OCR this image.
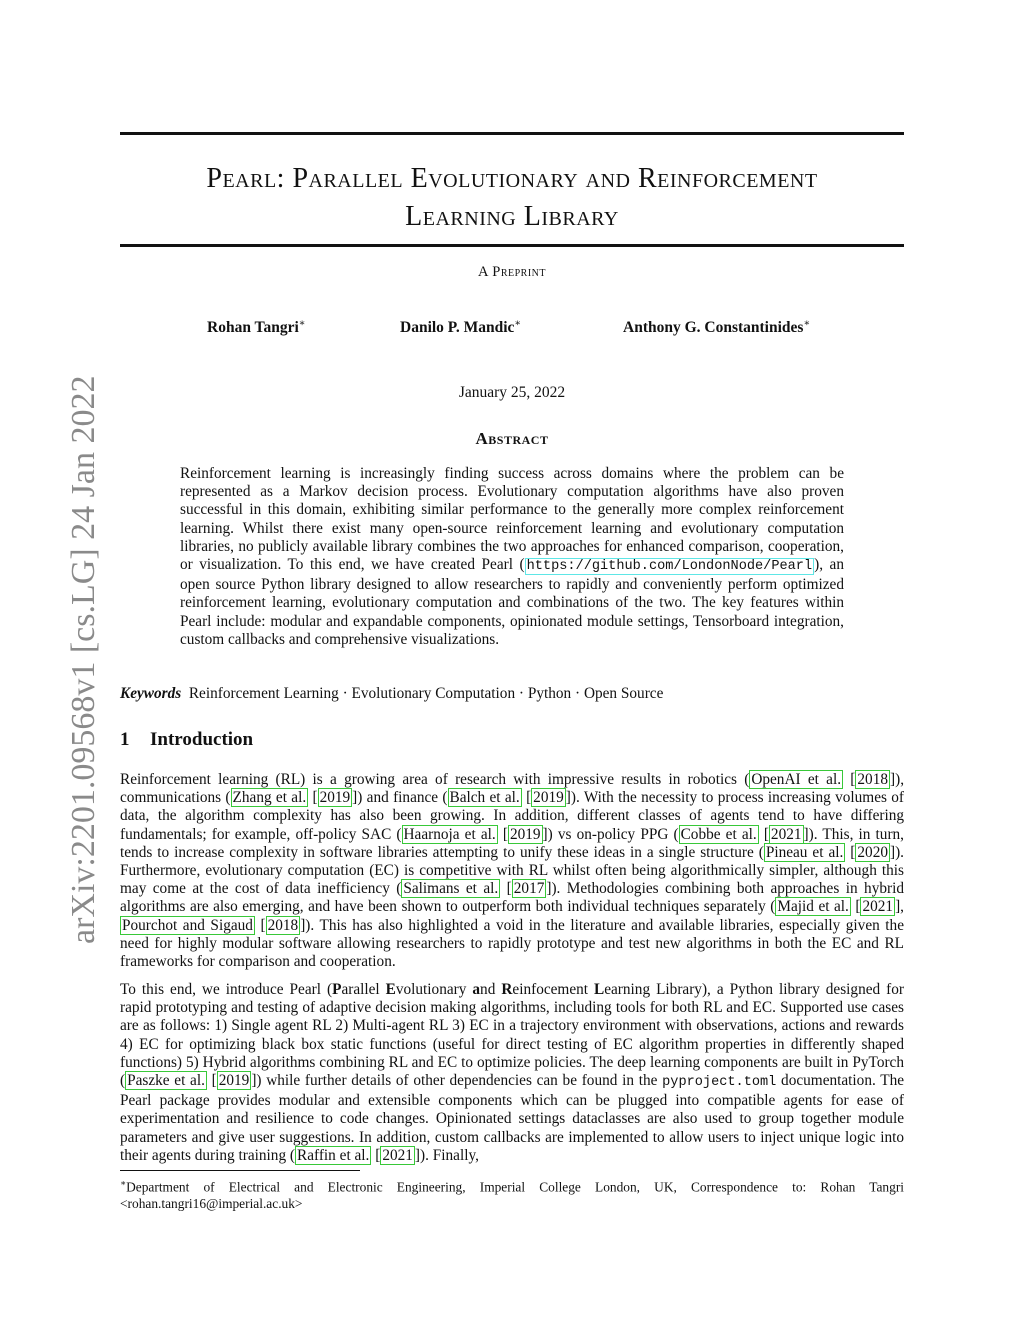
arXiv:2201.09568v1 [cs.LG] 24 Jan 2022
Pearl: Parallel Evolutionary and Reinforcement
Learning Library
A Preprint
Rohan Tangri∗	Danilo P. Mandic∗	Anthony G. Constantinides∗
January 25, 2022
Abstract
Reinforcement learning is increasingly finding success across domains where the problem can be represented as a Markov decision process. Evolutionary computation algorithms have also proven successful in this domain, exhibiting similar performance to the generally more complex reinforcement learning. Whilst there exist many open-source reinforcement learning and evolutionary computation libraries, no publicly available library combines the two approaches for enhanced comparison, cooperation, or visualization. To this end, we have created Pearl ( https://github.com/LondonNode/Pearl ), an open source Python library designed to allow researchers to rapidly and conveniently perform optimized reinforcement learning, evolutionary computation and combinations of the two. The key features within Pearl include: modular and expandable components, opinionated module settings, Tensorboard integration, custom callbacks and comprehensive visualizations.
Keywords Reinforcement Learning · Evolutionary Computation · Python · Open Source
1 Introduction
Reinforcement learning (RL) is a growing area of research with impressive results in robotics ( OpenAI et al. [ 2018 ]), communications ( Zhang et al. [ 2019 ]) and finance ( Balch et al. [ 2019 ]). With the necessity to process increasing volumes of data, the algorithm complexity has also been growing. In addition, different classes of agents tend to have differing fundamentals; for example, off-policy SAC ( Haarnoja et al. [ 2019 ]) vs on-policy PPG ( Cobbe et al. [ 2021 ]). This, in turn, tends to increase complexity in software libraries attempting to unify these ideas in a single structure ( Pineau et al. [ 2020 ]). Furthermore, evolutionary computation (EC) is competitive with RL whilst often being algorithmically simpler, although this may come at the cost of data inefficiency ( Salimans et al. [ 2017 ]). Methodologies combining both approaches in hybrid algorithms are also emerging, and have been shown to outperform both individual techniques separately ( Majid et al. [ 2021 ], Pourchot and Sigaud [ 2018 ]). This has also highlighted a void in the literature and available libraries, especially given the need for highly modular software allowing researchers to rapidly prototype and test new algorithms in both the EC and RL frameworks for comparison and cooperation.
To this end, we introduce Pearl (Parallel Evolutionary and Reinfocement Learning Library), a Python library designed for rapid prototyping and testing of adaptive decision making algorithms, including tools for both RL and EC. Supported use cases are as follows: 1) Single agent RL 2) Multi-agent RL 3) EC in a trajectory environment with observations, actions and rewards 4) EC for optimizing black box static functions (useful for direct testing of EC algorithm properties in differently shaped functions) 5) Hybrid algorithms combining RL and EC to optimize policies. The deep learning components are built in PyTorch ( Paszke et al. [ 2019 ]) while further details of other dependencies can be found in the pyproject.toml documentation. The Pearl package provides modular and extensible components which can be plugged into compatible agents for ease of experimentation and resilience to code changes. Opinionated settings dataclasses are also used to group together module parameters and give user suggestions. In addition, custom callbacks are implemented to allow users to inject unique logic into their agents during training ( Raffin et al. [ 2021 ]). Finally,
∗Department of Electrical and Electronic Engineering, Imperial College London, UK, Correspondence to: Rohan Tangri <rohan.tangri16@imperial.ac.uk>
